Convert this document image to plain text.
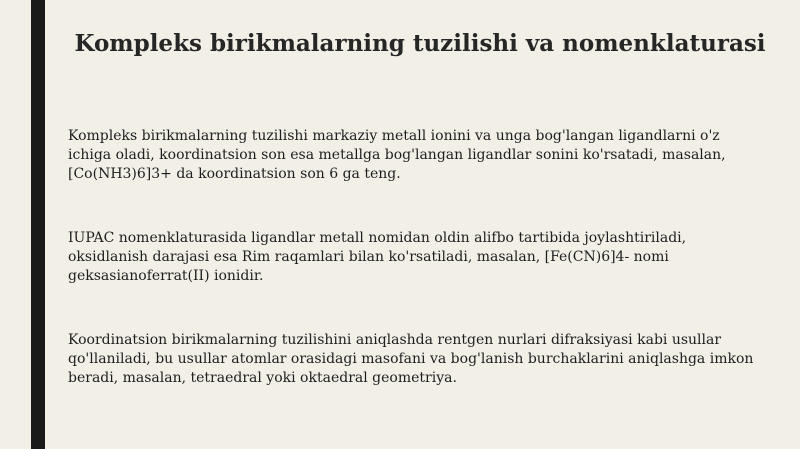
Kompleks birikmalarning tuzilishi va nomenklaturasi

Kompleks birikmalarning tuzilishi markaziy metall ionini va unga bog'langan ligandlarni o'z
ichiga oladi, koordinatsion son esa metallga bog'langan ligandlar sonini ko'rsatadi, masalan,
[Co(NH3)6]3+ da koordinatsion son 6 ga teng.

IUPAC nomenklaturasida ligandlar metall nomidan oldin alifbo tartibida joylashtiriladi,
oksidlanish darajasi esa Rim raqamlari bilan ko'rsatiladi, masalan, [Fe(CN)6]4- nomi
geksasianoferrat(II) ionidir.

Koordinatsion birikmalarning tuzilishini aniqlashda rentgen nurlari difraksiyasi kabi usullar
qo'llaniladi, bu usullar atomlar orasidagi masofani va bog'lanish burchaklarini aniqlashga imkon
beradi, masalan, tetraedral yoki oktaedral geometriya.
